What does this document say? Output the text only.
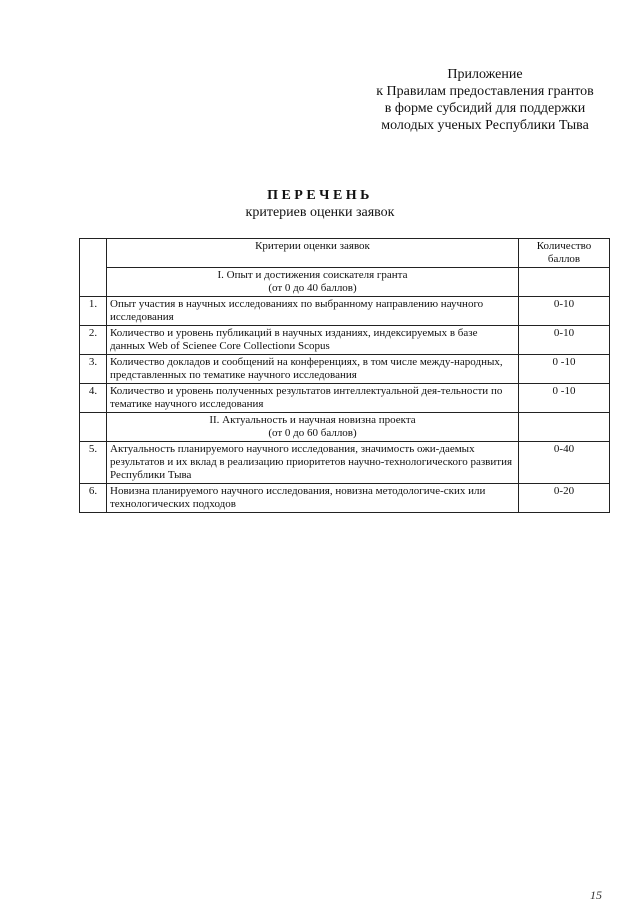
Приложение
к Правилам предоставления грантов
в форме субсидий для поддержки
молодых ученых Республики Тыва
ПЕРЕЧЕНЬ
критериев оценки заявок
	Критерии оценки заявок	Количество баллов

	I. Опыт и достижения соискателя гранта
(от 0 до 40 баллов)	

1.	Опыт участия в научных исследованиях по выбранному направлению научного исследования	0-10
2.	Количество и уровень публикаций в научных изданиях, индексируемых в базе данных Web of Scienee Core Collectionи Scopus	0-10
3.	Количество докладов и сообщений на конференциях, в том числе между-народных, представленных по тематике научного исследования	0 -10
4.	Количество и уровень полученных результатов интеллектуальной дея-тельности по тематике научного исследования	0 -10

	II. Актуальность и научная новизна проекта
(от 0 до 60 баллов)	

5.	Актуальность планируемого научного исследования, значимость ожи-даемых результатов и их вклад в реализацию приоритетов научно-технологического развития Республики Тыва	0-40
6.	Новизна планируемого научного исследования, новизна методологиче-ских или технологических подходов	0-20
15
